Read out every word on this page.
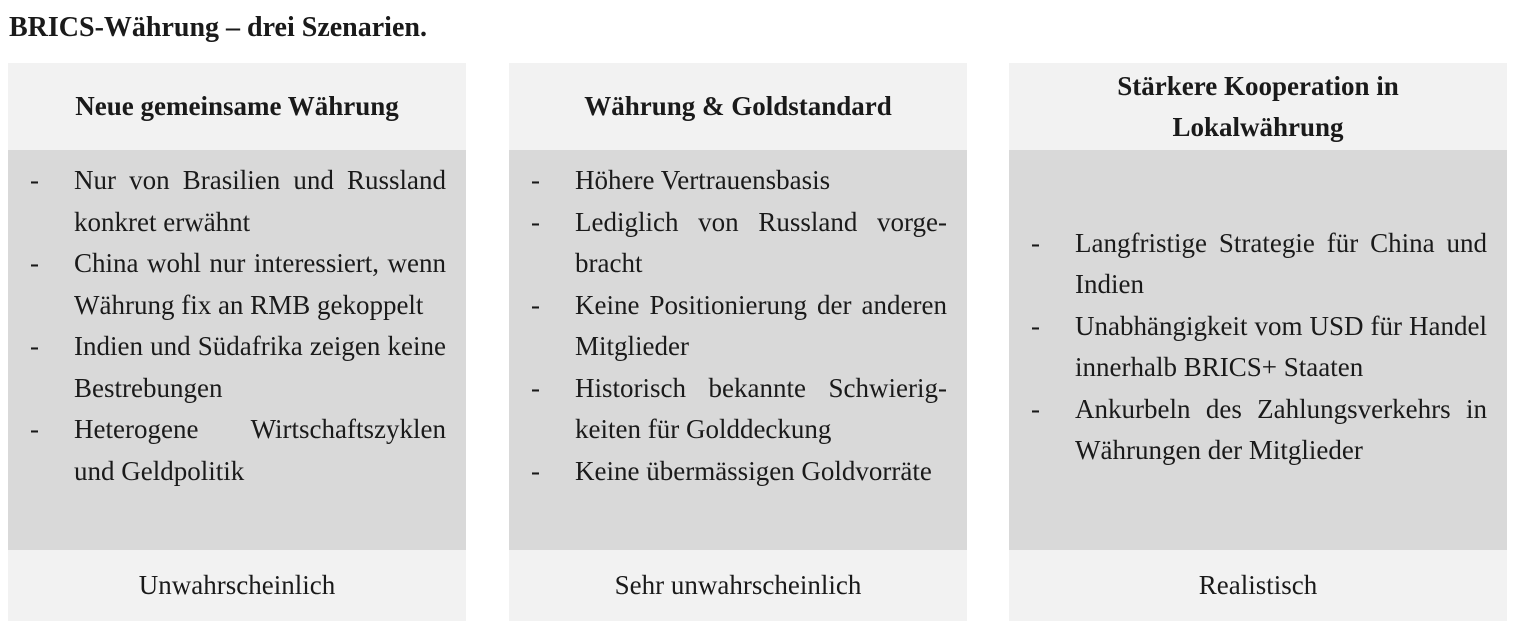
BRICS-Währung – drei Szenarien.
Neue gemeinsame Währung
- Nur von Brasilien und Russland konkret erwähnt
- China wohl nur interessiert, wenn Währung fix an RMB gekoppelt
- Indien und Südafrika zeigen keine Bestrebungen
- Heterogene Wirtschaftszyklen und Geldpolitik
Unwahrscheinlich
Währung & Goldstandard
- Höhere Vertrauensbasis
- Lediglich von Russland vorgebracht
- Keine Positionierung der anderen Mitglieder
- Historisch bekannte Schwierigkeiten für Golddeckung
- Keine übermässigen Goldvorräte
Sehr unwahrscheinlich
Stärkere Kooperation in Lokalwährung
- Langfristige Strategie für China und Indien
- Unabhängigkeit vom USD für Handel innerhalb BRICS+ Staaten
- Ankurbeln des Zahlungsverkehrs in Währungen der Mitglieder
Realistisch
